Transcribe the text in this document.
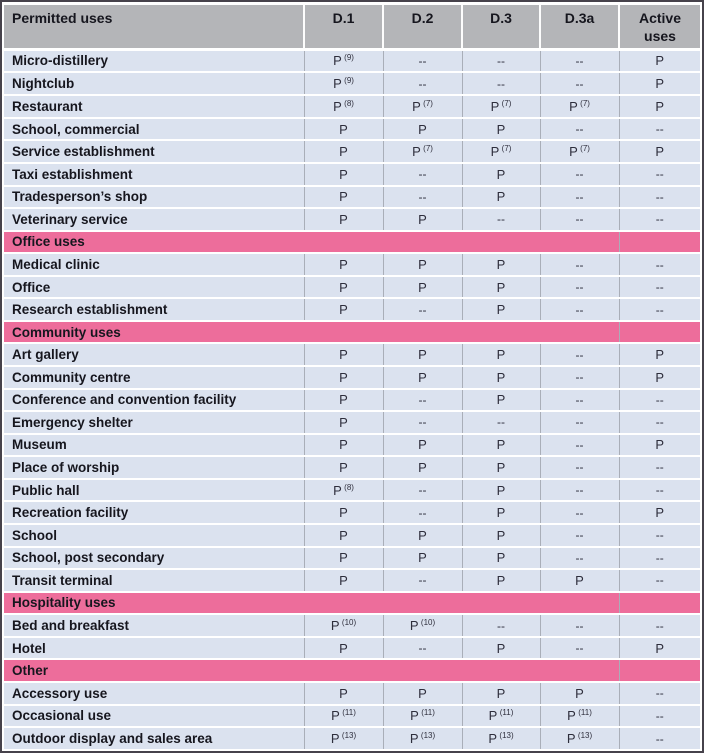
Permitted uses	D.1	D.2	D.3	D.3a	Active uses
Micro-distillery	P $^{(9)}$	--	--	--	P
Nightclub	P $^{(9)}$	--	--	--	P
Restaurant	P $^{(8)}$	P $^{(7)}$	P $^{(7)}$	P $^{(7)}$	P
School, commercial	P	P	P	--	--
Service establishment	P	P $^{(7)}$	P $^{(7)}$	P $^{(7)}$	P
Taxi establishment	P	--	P	--	--
Tradesperson’s shop	P	--	P	--	--
Veterinary service	P	P	--	--	--
Office uses					
Medical clinic	P	P	P	--	--
Office	P	P	P	--	--
Research establishment	P	--	P	--	--
Community uses					
Art gallery	P	P	P	--	P
Community centre	P	P	P	--	P
Conference and convention facility	P	--	P	--	--
Emergency shelter	P	--	--	--	--
Museum	P	P	P	--	P
Place of worship	P	P	P	--	--
Public hall	P $^{(8)}$	--	P	--	--
Recreation facility	P	--	P	--	P
School	P	P	P	--	--
School, post secondary	P	P	P	--	--
Transit terminal	P	--	P	P	--
Hospitality uses					
Bed and breakfast	P $^{(10)}$	P $^{(10)}$	--	--	--
Hotel	P	--	P	--	P
Other					
Accessory use	P	P	P	P	--
Occasional use	P $^{(11)}$	P $^{(11)}$	P $^{(11)}$	P $^{(11)}$	--
Outdoor display and sales area	P $^{(13)}$	P $^{(13)}$	P $^{(13)}$	P $^{(13)}$	--
